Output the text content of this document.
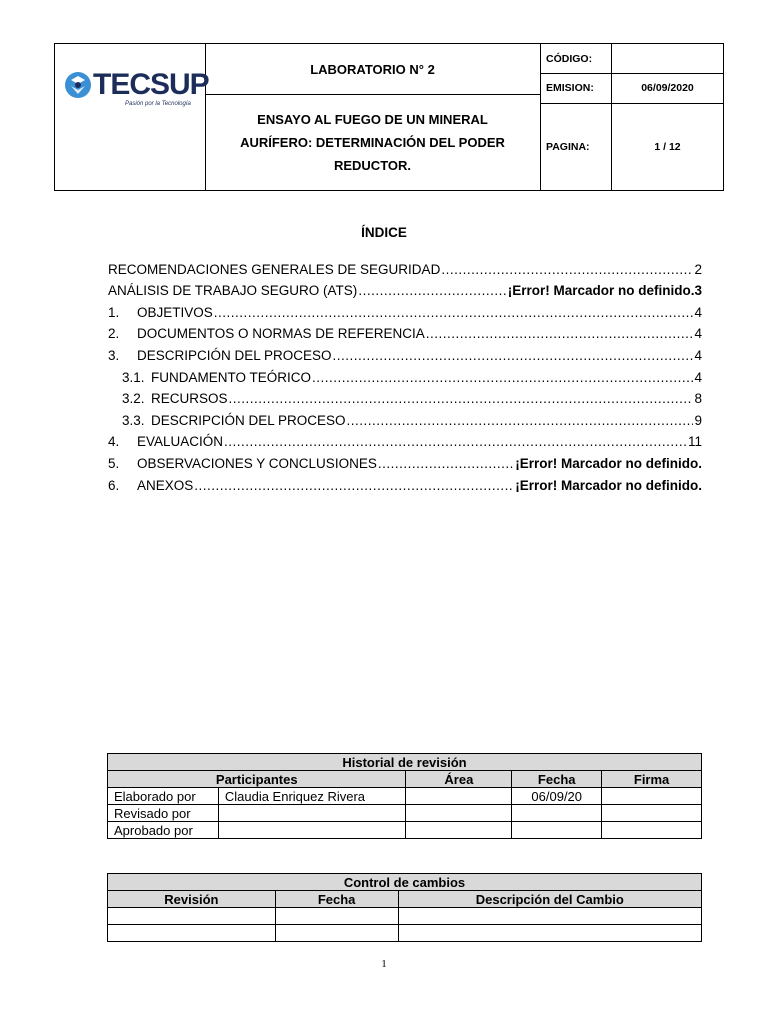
TECSUP
Pasión por la Tecnología
LABORATORIO N° 2
ENSAYO AL FUEGO DE UN MINERAL AURÍFERO: DETERMINACIÓN DEL PODER REDUCTOR.
CÓDIGO:
EMISION:	06/09/2020
PAGINA:	1 / 12
ÍNDICE
RECOMENDACIONES GENERALES DE SEGURIDAD .....	2
ANÁLISIS DE TRABAJO SEGURO (ATS) .....	¡Error! Marcador no definido.3
1.	OBJETIVOS .....	4
2.	DOCUMENTOS O NORMAS DE REFERENCIA .....	4
3.	DESCRIPCIÓN DEL PROCESO .....	4
3.1. FUNDAMENTO TEÓRICO .....	4
3.2. RECURSOS .....	8
3.3. DESCRIPCIÓN DEL PROCESO .....	9
4.	EVALUACIÓN .....	11
5.	OBSERVACIONES Y CONCLUSIONES .....	¡Error! Marcador no definido.
6.	ANEXOS .....	¡Error! Marcador no definido.
Historial de revisión				
Participantes		Área	Fecha	Firma
Elaborado por	Claudia Enriquez Rivera		06/09/20	
Revisado por				
Aprobado por				
Control de cambios		
Revisión	Fecha	Descripción del Cambio

1
